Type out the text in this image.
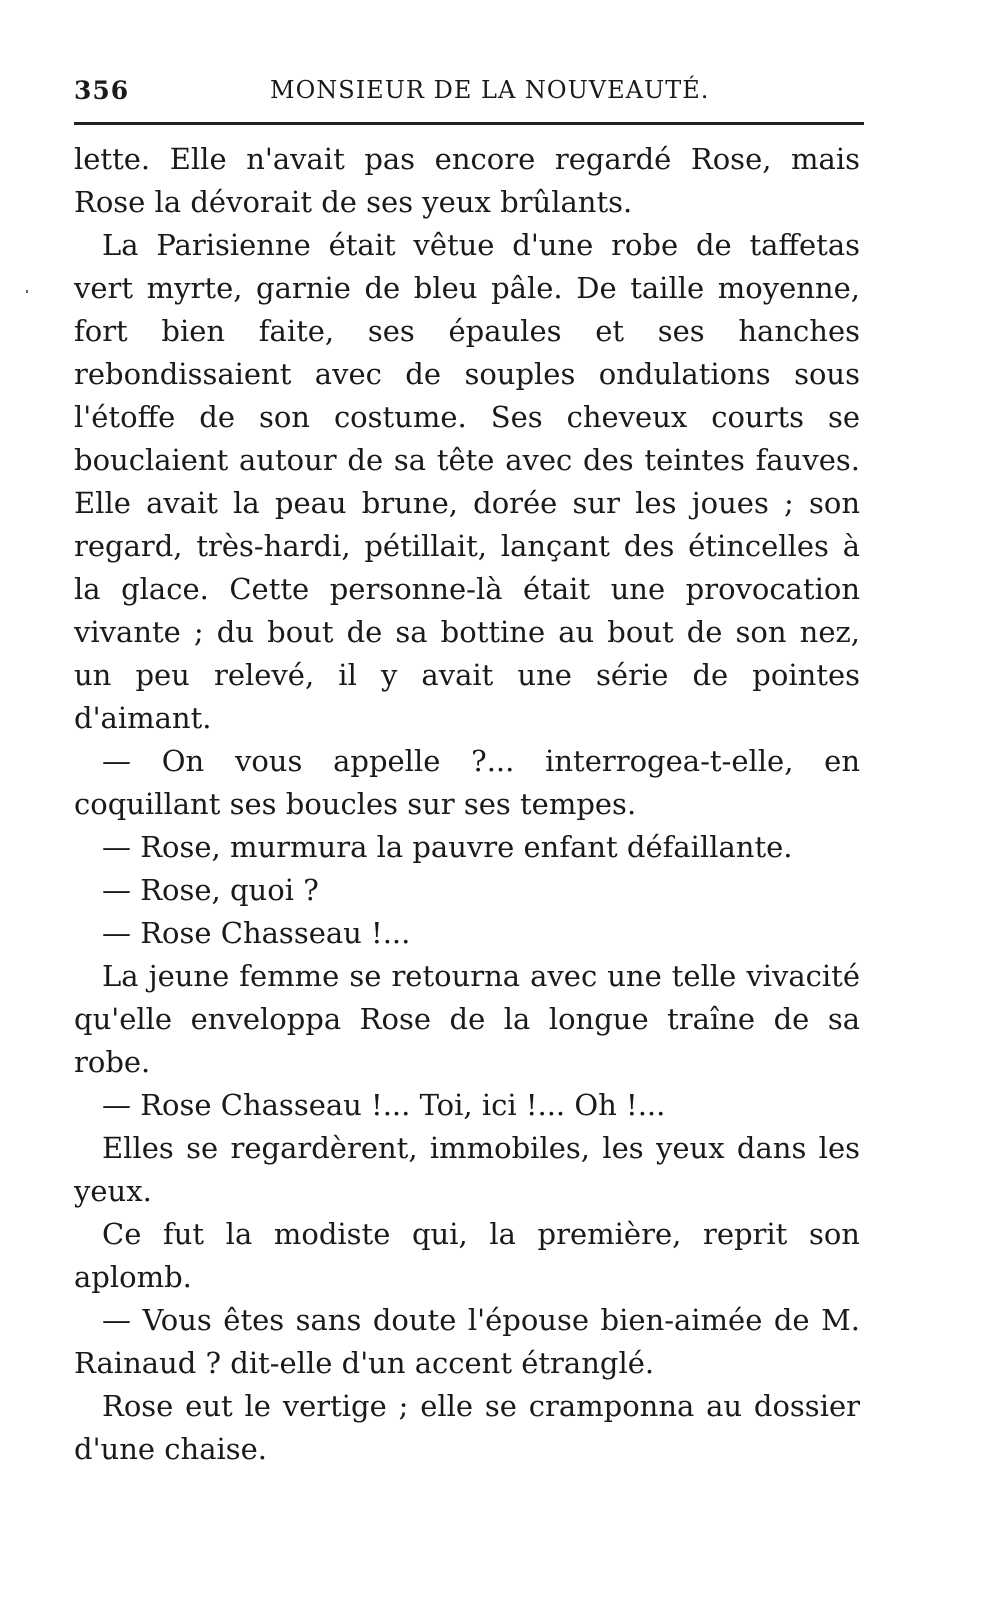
356	MONSIEUR DE LA NOUVEAUTÉ.

lette. Elle n'avait pas encore regardé Rose, mais Rose la dévorait de ses yeux brûlants.

La Parisienne était vêtue d'une robe de taffetas vert myrte, garnie de bleu pâle. De taille moyenne, fort bien faite, ses épaules et ses hanches rebondissaient avec de souples ondulations sous l'étoffe de son costume. Ses cheveux courts se bouclaient autour de sa tête avec des teintes fauves. Elle avait la peau brune, dorée sur les joues ; son regard, très-hardi, pétillait, lançant des étincelles à la glace. Cette personne-là était une provocation vivante ; du bout de sa bottine au bout de son nez, un peu relevé, il y avait une série de pointes d'aimant.

— On vous appelle ?... interrogea-t-elle, en coquillant ses boucles sur ses tempes.

— Rose, murmura la pauvre enfant défaillante.

— Rose, quoi ?

— Rose Chasseau !...

La jeune femme se retourna avec une telle vivacité qu'elle enveloppa Rose de la longue traîne de sa robe.

— Rose Chasseau !... Toi, ici !... Oh !...

Elles se regardèrent, immobiles, les yeux dans les yeux.

Ce fut la modiste qui, la première, reprit son aplomb.

— Vous êtes sans doute l'épouse bien-aimée de M. Rainaud ? dit-elle d'un accent étranglé.

Rose eut le vertige ; elle se cramponna au dossier d'une chaise.
